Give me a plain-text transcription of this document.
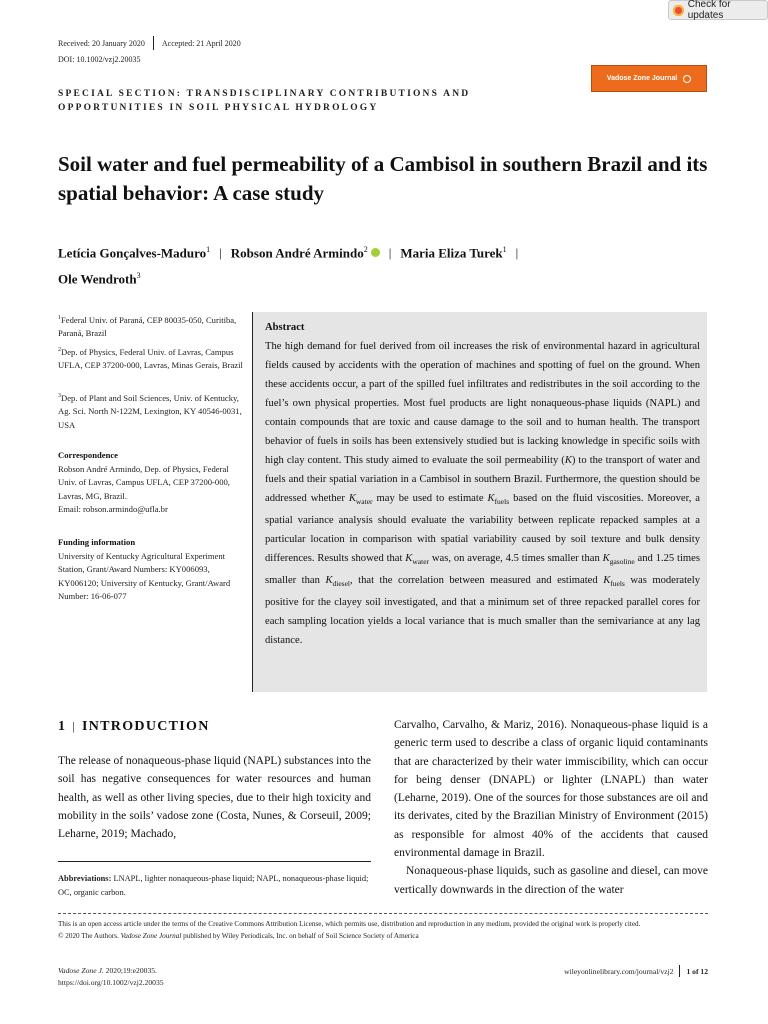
Check for updates
Received: 20 January 2020 Accepted: 21 April 2020
DOI: 10.1002/vzj2.20035
SPECIAL SECTION: TRANSDISCIPLINARY CONTRIBUTIONS AND OPPORTUNITIES IN SOIL PHYSICAL HYDROLOGY
Vadose Zone Journal
Soil water and fuel permeability of a Cambisol in southern Brazil and its spatial behavior: A case study
Letícia Gonçalves-Maduro$^1$ | Robson André Armindo$^2$ | Maria Eliza Turek$^1$ |
Ole Wendroth$^3$
$^1$Federal Univ. of Paraná, CEP 80035-050, Curitiba, Paraná, Brazil
$^2$Dep. of Physics, Federal Univ. of Lavras, Campus UFLA, CEP 37200-000, Lavras, Minas Gerais, Brazil
$^3$Dep. of Plant and Soil Sciences, Univ. of Kentucky, Ag. Sci. North N-122M, Lexington, KY 40546-0031, USA
Correspondence
Robson André Armindo, Dep. of Physics, Federal Univ. of Lavras, Campus UFLA, CEP 37200-000, Lavras, MG, Brazil.
Email: robson.armindo@ufla.br
Funding information
University of Kentucky Agricultural Experiment Station, Grant/Award Numbers: KY006093, KY006120; University of Kentucky, Grant/Award Number: 16-06-077
Abstract
The high demand for fuel derived from oil increases the risk of environmental hazard in agricultural fields caused by accidents with the operation of machines and spotting of fuel on the ground. When these accidents occur, a part of the spilled fuel infiltrates and redistributes in the soil according to the fuel’s own physical properties. Most fuel products are light nonaqueous-phase liquids (NAPL) and contain compounds that are toxic and cause damage to the soil and to human health. The transport behavior of fuels in soils has been extensively studied but is lacking knowledge in specific soils with high clay content. This study aimed to evaluate the soil permeability (K) to the transport of water and fuels and their spatial variation in a Cambisol in southern Brazil. Furthermore, the question should be addressed whether $K_{water}$ may be used to estimate $K_{fuels}$ based on the fluid viscosities. Moreover, a spatial variance analysis should evaluate the variability between replicate repacked samples at a particular location in comparison with spatial variability caused by soil texture and bulk density differences. Results showed that $K_{water}$ was, on average, 4.5 times smaller than $K_{gasoline}$ and 1.25 times smaller than $K_{diesel}$, that the correlation between measured and estimated $K_{fuels}$ was moderately positive for the clayey soil investigated, and that a minimum set of three repacked parallel cores for each sampling location yields a local variance that is much smaller than the semivariance at any lag distance.
1 | INTRODUCTION
The release of nonaqueous-phase liquid (NAPL) substances into the soil has negative consequences for water resources and human health, as well as other living species, due to their high toxicity and mobility in the soils’ vadose zone (Costa, Nunes, & Corseuil, 2009; Leharne, 2019; Machado,
Carvalho, Carvalho, & Mariz, 2016). Nonaqueous-phase liquid is a generic term used to describe a class of organic liquid contaminants that are characterized by their water immiscibility, which can occur for being denser (DNAPL) or lighter (LNAPL) than water (Leharne, 2019). One of the sources for those substances are oil and its derivates, cited by the Brazilian Ministry of Environment (2015) as responsible for almost 40% of the accidents that caused environmental damage in Brazil.
Nonaqueous-phase liquids, such as gasoline and diesel, can move vertically downwards in the direction of the water
Abbreviations: LNAPL, lighter nonaqueous-phase liquid; NAPL, nonaqueous-phase liquid; OC, organic carbon.
This is an open access article under the terms of the Creative Commons Attribution License, which permits use, distribution and reproduction in any medium, provided the original work is properly cited.
© 2020 The Authors. Vadose Zone Journal published by Wiley Periodicals, Inc. on behalf of Soil Science Society of America
Vadose Zone J. 2020;19:e20035.
https://doi.org/10.1002/vzj2.20035
wileyonlinelibrary.com/journal/vzj2 1 of 12
